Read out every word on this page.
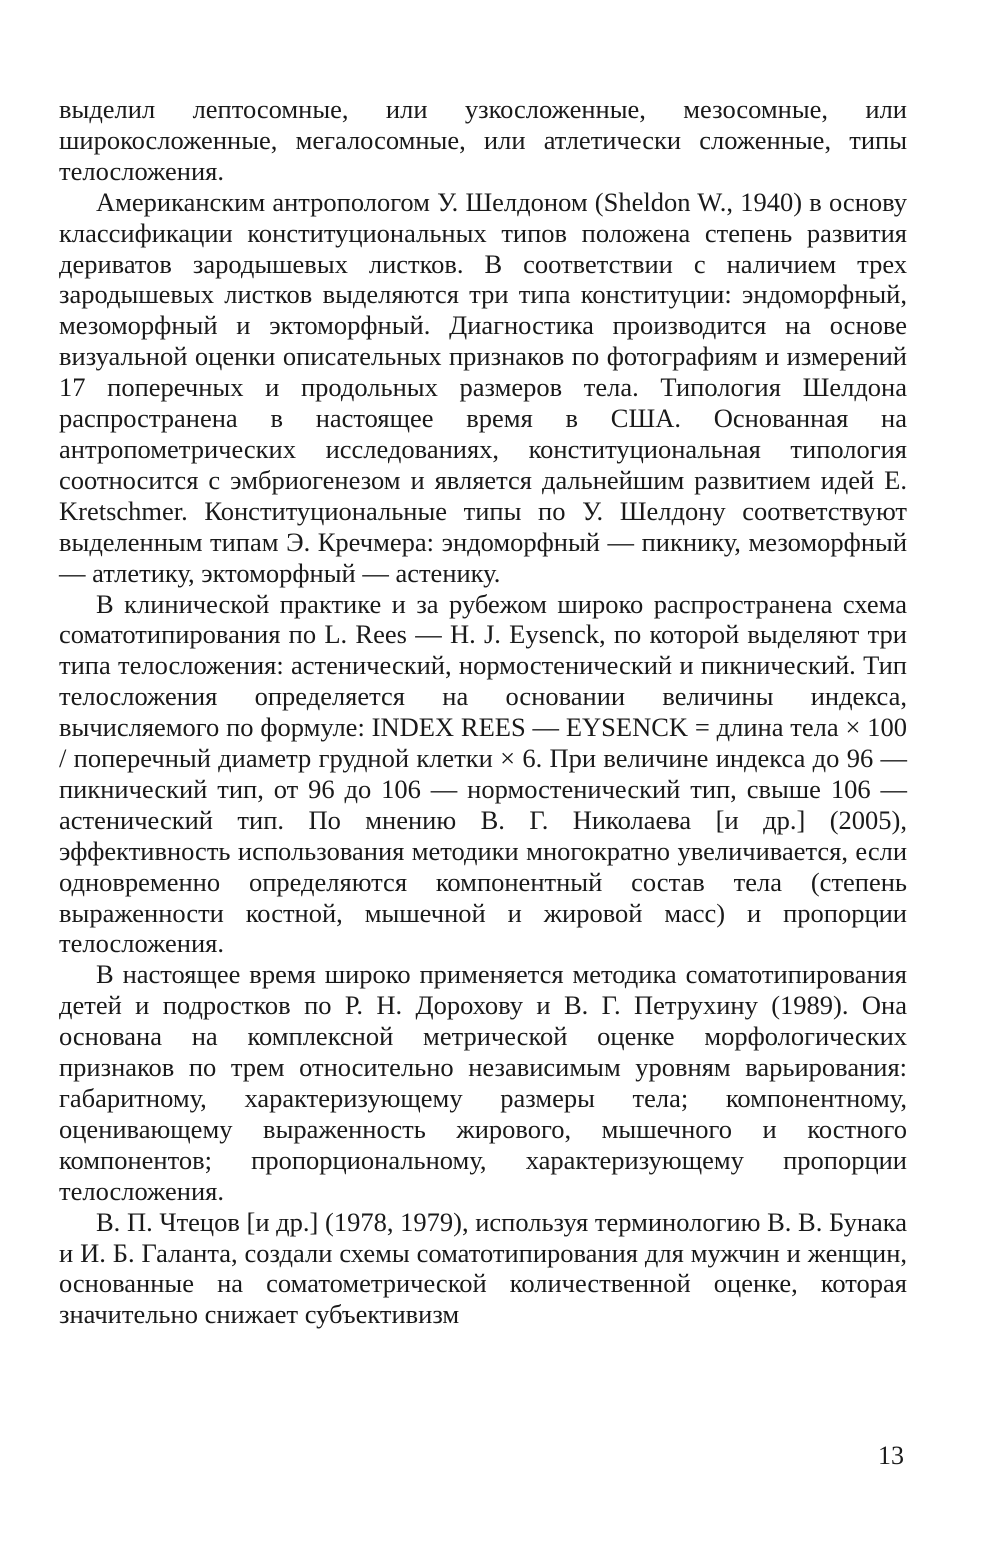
выделил лептосомные, или узкосложенные, мезосомные, или широкосложенные, мегалосомные, или атлетически сложенные, типы телосложения.

Американским антропологом У. Шелдоном (Sheldon W., 1940) в основу классификации конституциональных типов положена степень развития дериватов зародышевых листков. В соответствии с наличием трех зародышевых листков выделяются три типа конституции: эндоморфный, мезоморфный и эктоморфный. Диагностика производится на основе визуальной оценки описательных признаков по фотографиям и измерений 17 поперечных и продольных размеров тела. Типология Шелдона распространена в настоящее время в США. Основанная на антропометрических исследованиях, конституциональная типология соотносится с эмбриогенезом и является дальнейшим развитием идей E. Kretschmer. Конституциональные типы по У. Шелдону соответствуют выделенным типам Э. Кречмера: эндоморфный — пикнику, мезоморфный — атлетику, эктоморфный — астенику.

В клинической практике и за рубежом широко распространена схема соматотипирования по L. Rees — H. J. Eysenck, по которой выделяют три типа телосложения: астенический, нормостенический и пикнический. Тип телосложения определяется на основании величины индекса, вычисляемого по формуле: INDEX REES — EYSENCK = длина тела × 100 / поперечный диаметр грудной клетки × 6. При величине индекса до 96 — пикнический тип, от 96 до 106 — нормостенический тип, свыше 106 — астенический тип. По мнению В. Г. Николаева [и др.] (2005), эффективность использования методики многократно увеличивается, если одновременно определяются компонентный состав тела (степень выраженности костной, мышечной и жировой масс) и пропорции телосложения.

В настоящее время широко применяется методика соматотипирования детей и подростков по Р. Н. Дорохову и В. Г. Петрухину (1989). Она основана на комплексной метрической оценке морфологических признаков по трем относительно независимым уровням варьирования: габаритному, характеризующему размеры тела; компонентному, оценивающему выраженность жирового, мышечного и костного компонентов; пропорциональному, характеризующему пропорции телосложения.

В. П. Чтецов [и др.] (1978, 1979), используя терминологию В. В. Бунака и И. Б. Галанта, создали схемы соматотипирования для мужчин и женщин, основанные на соматометрической количественной оценке, которая значительно снижает субъективизм

13
